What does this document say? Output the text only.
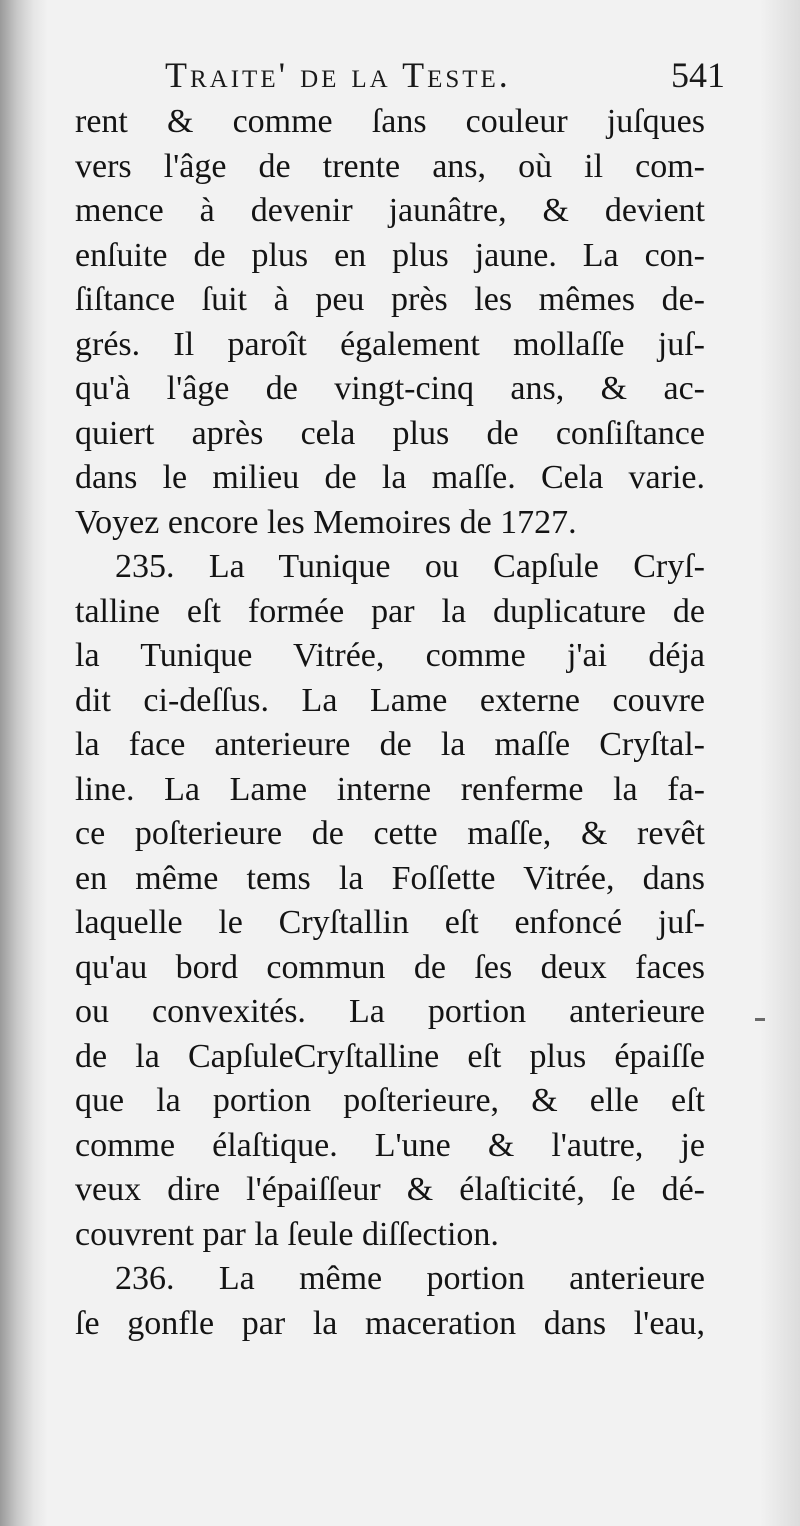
Traite' de la Teste.	541
rent & comme ſans couleur juſques
vers l'âge de trente ans, où il com-
mence à devenir jaunâtre, & devient
enſuite de plus en plus jaune. La con-
ſiſtance ſuit à peu près les mêmes de-
grés. Il paroît également mollaſſe juſ-
qu'à l'âge de vingt-cinq ans, & ac-
quiert après cela plus de conſiſtance
dans le milieu de la maſſe. Cela varie.
Voyez encore les Memoires de 1727.
235. La Tunique ou Capſule Cryſ-
talline eſt formée par la duplicature de
la Tunique Vitrée, comme j'ai déja
dit ci-deſſus. La Lame externe couvre
la face anterieure de la maſſe Cryſtal-
line. La Lame interne renferme la fa-
ce poſterieure de cette maſſe, & revêt
en même tems la Foſſette Vitrée, dans
laquelle le Cryſtallin eſt enfoncé juſ-
qu'au bord commun de ſes deux faces
ou convexités. La portion anterieure
de la CapſuleCryſtalline eſt plus épaiſſe
que la portion poſterieure, & elle eſt
comme élaſtique. L'une & l'autre, je
veux dire l'épaiſſeur & élaſticité, ſe dé-
couvrent par la ſeule diſſection.
236. La même portion anterieure
ſe gonfle par la maceration dans l'eau,
